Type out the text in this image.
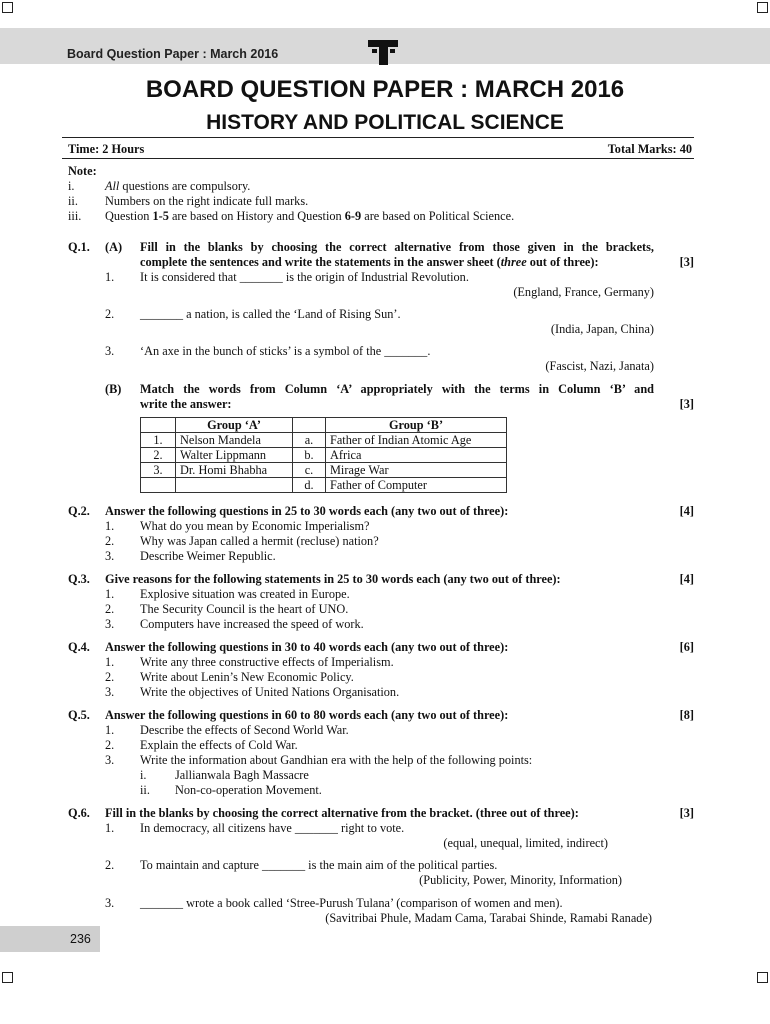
Board Question Paper : March 2016
BOARD QUESTION PAPER : MARCH 2016
HISTORY AND POLITICAL SCIENCE
Time: 2 Hours	Total Marks: 40
Note:
i. All questions are compulsory.
ii. Numbers on the right indicate full marks.
iii. Question 1-5 are based on History and Question 6-9 are based on Political Science.
Q.1. (A) Fill in the blanks by choosing the correct alternative from those given in the brackets,
complete the sentences and write the statements in the answer sheet (three out of three):	[3]
1. It is considered that _______ is the origin of Industrial Revolution.
(England, France, Germany)
2. _______ a nation, is called the ‘Land of Rising Sun’.
(India, Japan, China)
3. ‘An axe in the bunch of sticks’ is a symbol of the _______.
(Fascist, Nazi, Janata)
(B) Match the words from Column ‘A’ appropriately with the terms in Column ‘B’ and
write the answer:	[3]
	Group ‘A’		Group ‘B’
1.	Nelson Mandela	a.	Father of Indian Atomic Age
2.	Walter Lippmann	b.	Africa
3.	Dr. Homi Bhabha	c.	Mirage War
		d.	Father of Computer
Q.2. Answer the following questions in 25 to 30 words each (any two out of three):	[4]
1. What do you mean by Economic Imperialism?
2. Why was Japan called a hermit (recluse) nation?
3. Describe Weimer Republic.
Q.3. Give reasons for the following statements in 25 to 30 words each (any two out of three):	[4]
1. Explosive situation was created in Europe.
2. The Security Council is the heart of UNO.
3. Computers have increased the speed of work.
Q.4. Answer the following questions in 30 to 40 words each (any two out of three):	[6]
1. Write any three constructive effects of Imperialism.
2. Write about Lenin’s New Economic Policy.
3. Write the objectives of United Nations Organisation.
Q.5. Answer the following questions in 60 to 80 words each (any two out of three):	[8]
1. Describe the effects of Second World War.
2. Explain the effects of Cold War.
3. Write the information about Gandhian era with the help of the following points:
i. Jallianwala Bagh Massacre
ii. Non-co-operation Movement.
Q.6. Fill in the blanks by choosing the correct alternative from the bracket. (three out of three):	[3]
1. In democracy, all citizens have _______ right to vote.
(equal, unequal, limited, indirect)
2. To maintain and capture _______ is the main aim of the political parties.
(Publicity, Power, Minority, Information)
3. _______ wrote a book called ‘Stree-Purush Tulana’ (comparison of women and men).
(Savitribai Phule, Madam Cama, Tarabai Shinde, Ramabi Ranade)
236
